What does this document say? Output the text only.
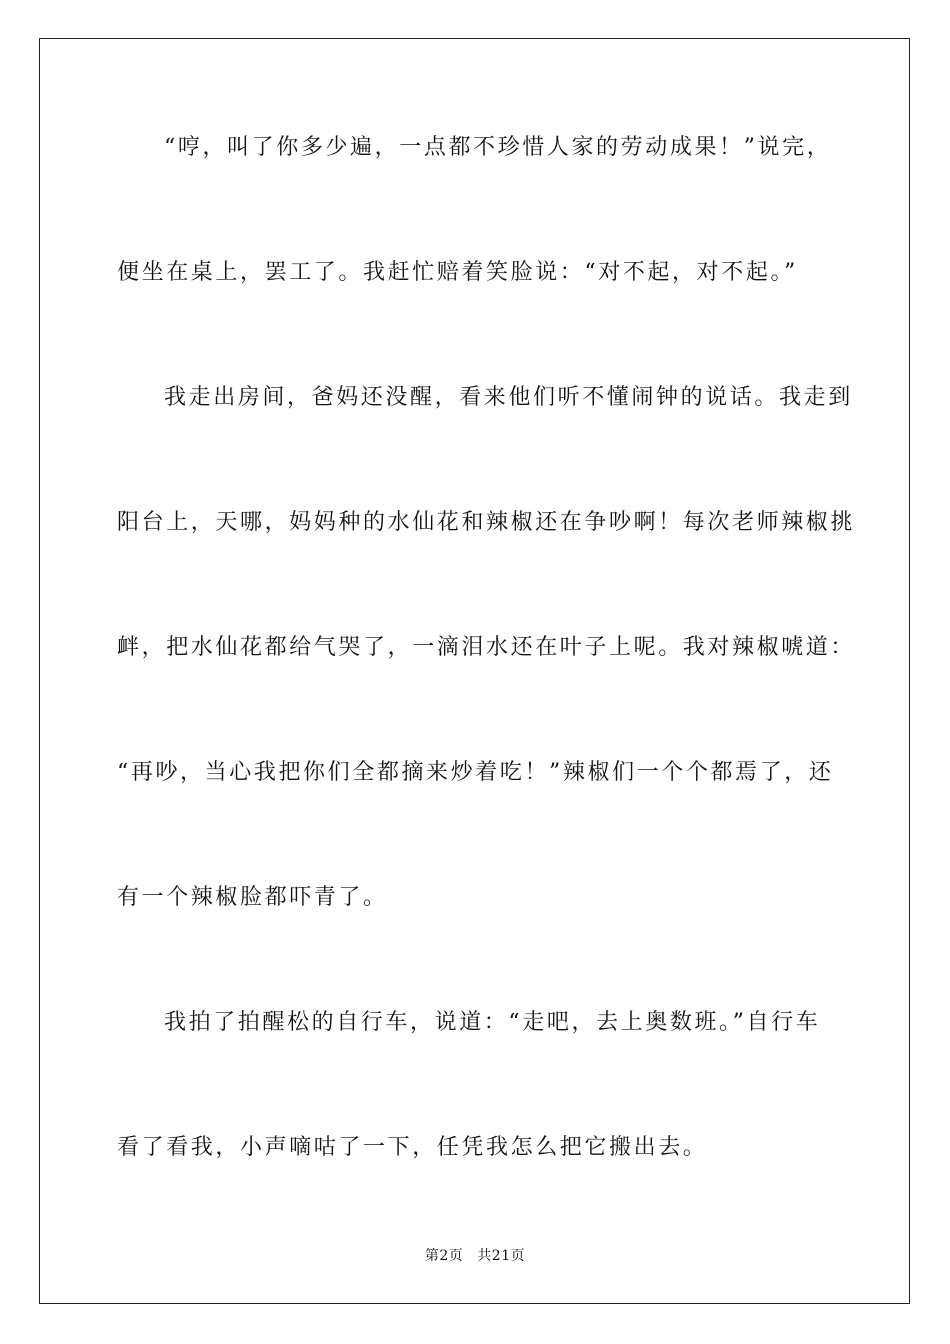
“哼，叫了你多少遍，一点都不珍惜人家的劳动成果！”说完，
便坐在桌上，罢工了。我赶忙赔着笑脸说：“对不起，对不起。”
我走出房间，爸妈还没醒，看来他们听不懂闹钟的说话。我走到
阳台上，天哪，妈妈种的水仙花和辣椒还在争吵啊！每次老师辣椒挑
衅，把水仙花都给气哭了，一滴泪水还在叶子上呢。我对辣椒唬道：
“再吵，当心我把你们全都摘来炒着吃！”辣椒们一个个都焉了，还
有一个辣椒脸都吓青了。
我拍了拍醒松的自行车，说道：“走吧，去上奥数班。”自行车
看了看我，小声嘀咕了一下，任凭我怎么把它搬出去。
第2页 共21页
